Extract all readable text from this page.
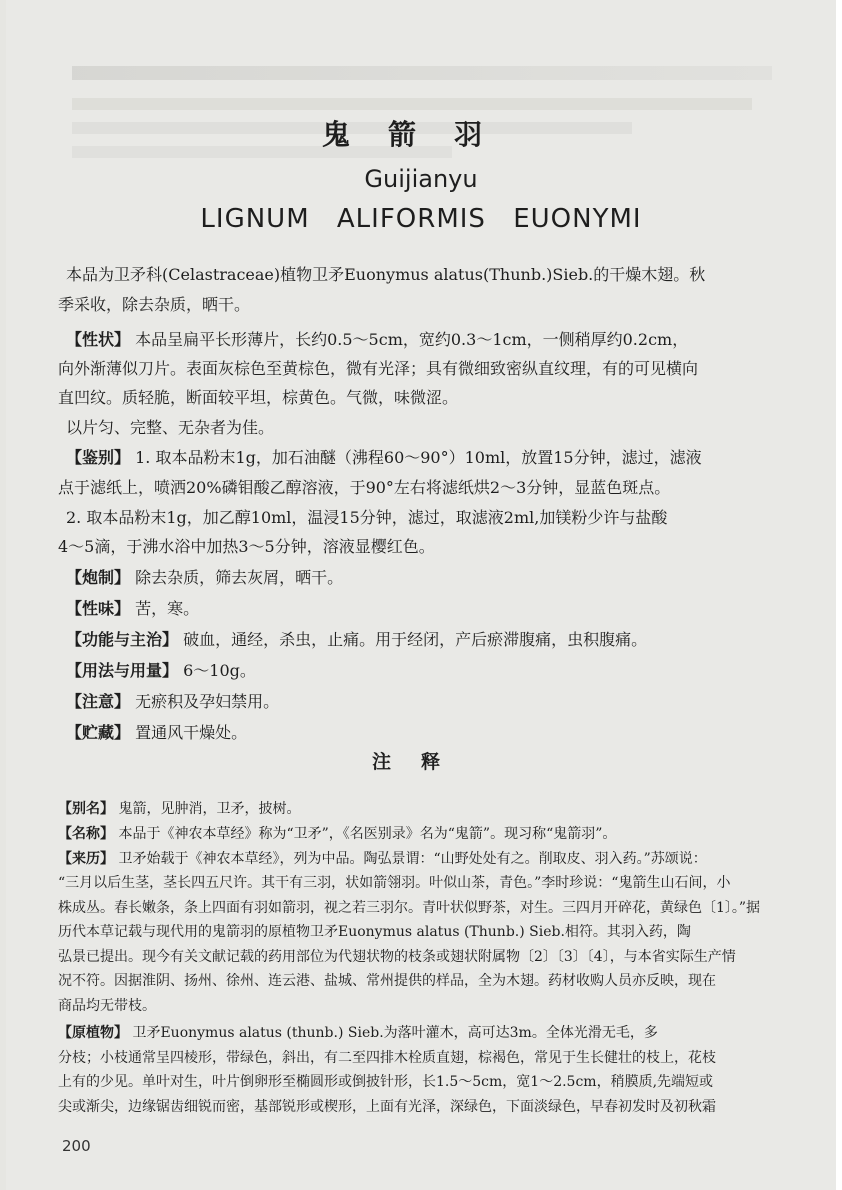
鬼箭羽
Guijianyu
LIGNUM ALIFORMIS EUONYMI
本品为卫矛科(Celastraceae)植物卫矛Euonymus alatus(Thunb.)Sieb.的干燥木翅。秋
季采收，除去杂质，晒干。
【性状】 本品呈扁平长形薄片，长约0.5～5cm，宽约0.3～1cm，一侧稍厚约0.2cm，
向外渐薄似刀片。表面灰棕色至黄棕色，微有光泽；具有微细致密纵直纹理，有的可见横向
直凹纹。质轻脆，断面较平坦，棕黄色。气微，味微涩。
以片匀、完整、无杂者为佳。
【鉴别】 1. 取本品粉末1g，加石油醚（沸程60～90°）10ml，放置15分钟，滤过，滤液
点于滤纸上，喷洒20%磷钼酸乙醇溶液，于90°左右将滤纸烘2～3分钟，显蓝色斑点。
2. 取本品粉末1g，加乙醇10ml，温浸15分钟，滤过，取滤液2ml,加镁粉少许与盐酸
4～5滴，于沸水浴中加热3～5分钟，溶液显樱红色。
【炮制】 除去杂质，筛去灰屑，晒干。
【性味】 苦，寒。
【功能与主治】 破血，通经，杀虫，止痛。用于经闭，产后瘀滞腹痛，虫积腹痛。
【用法与用量】 6～10g。
【注意】 无瘀积及孕妇禁用。
【贮藏】 置通风干燥处。
注释
【别名】 鬼箭，见肿消，卫矛，披树。
【名称】 本品于《神农本草经》称为“卫矛”，《名医别录》名为“鬼箭”。现习称“鬼箭羽”。
【来历】 卫矛始载于《神农本草经》，列为中品。陶弘景谓：“山野处处有之。削取皮、羽入药。”苏颂说：
“三月以后生茎，茎长四五尺许。其干有三羽，状如箭翎羽。叶似山茶，青色。”李时珍说：“鬼箭生山石间，小
株成丛。春长嫩条，条上四面有羽如箭羽，视之若三羽尔。青叶状似野茶，对生。三四月开碎花，黄绿色〔1〕。”据
历代本草记载与现代用的鬼箭羽的原植物卫矛Euonymus alatus (Thunb.) Sieb.相符。其羽入药，陶
弘景已提出。现今有关文献记载的药用部位为代翅状物的枝条或翅状附属物〔2〕〔3〕〔4〕，与本省实际生产情
况不符。因据淮阴、扬州、徐州、连云港、盐城、常州提供的样品，全为木翅。药材收购人员亦反映，现在
商品均无带枝。
【原植物】 卫矛Euonymus alatus (thunb.) Sieb.为落叶灌木，高可达3m。全体光滑无毛，多
分枝；小枝通常呈四棱形，带绿色，斜出，有二至四排木栓质直翅，棕褐色，常见于生长健壮的枝上，花枝
上有的少见。单叶对生，叶片倒卵形至椭圆形或倒披针形，长1.5～5cm，宽1～2.5cm，稍膜质,先端短或
尖或渐尖，边缘锯齿细锐而密，基部锐形或楔形，上面有光泽，深绿色，下面淡绿色，早春初发时及初秋霜
200
